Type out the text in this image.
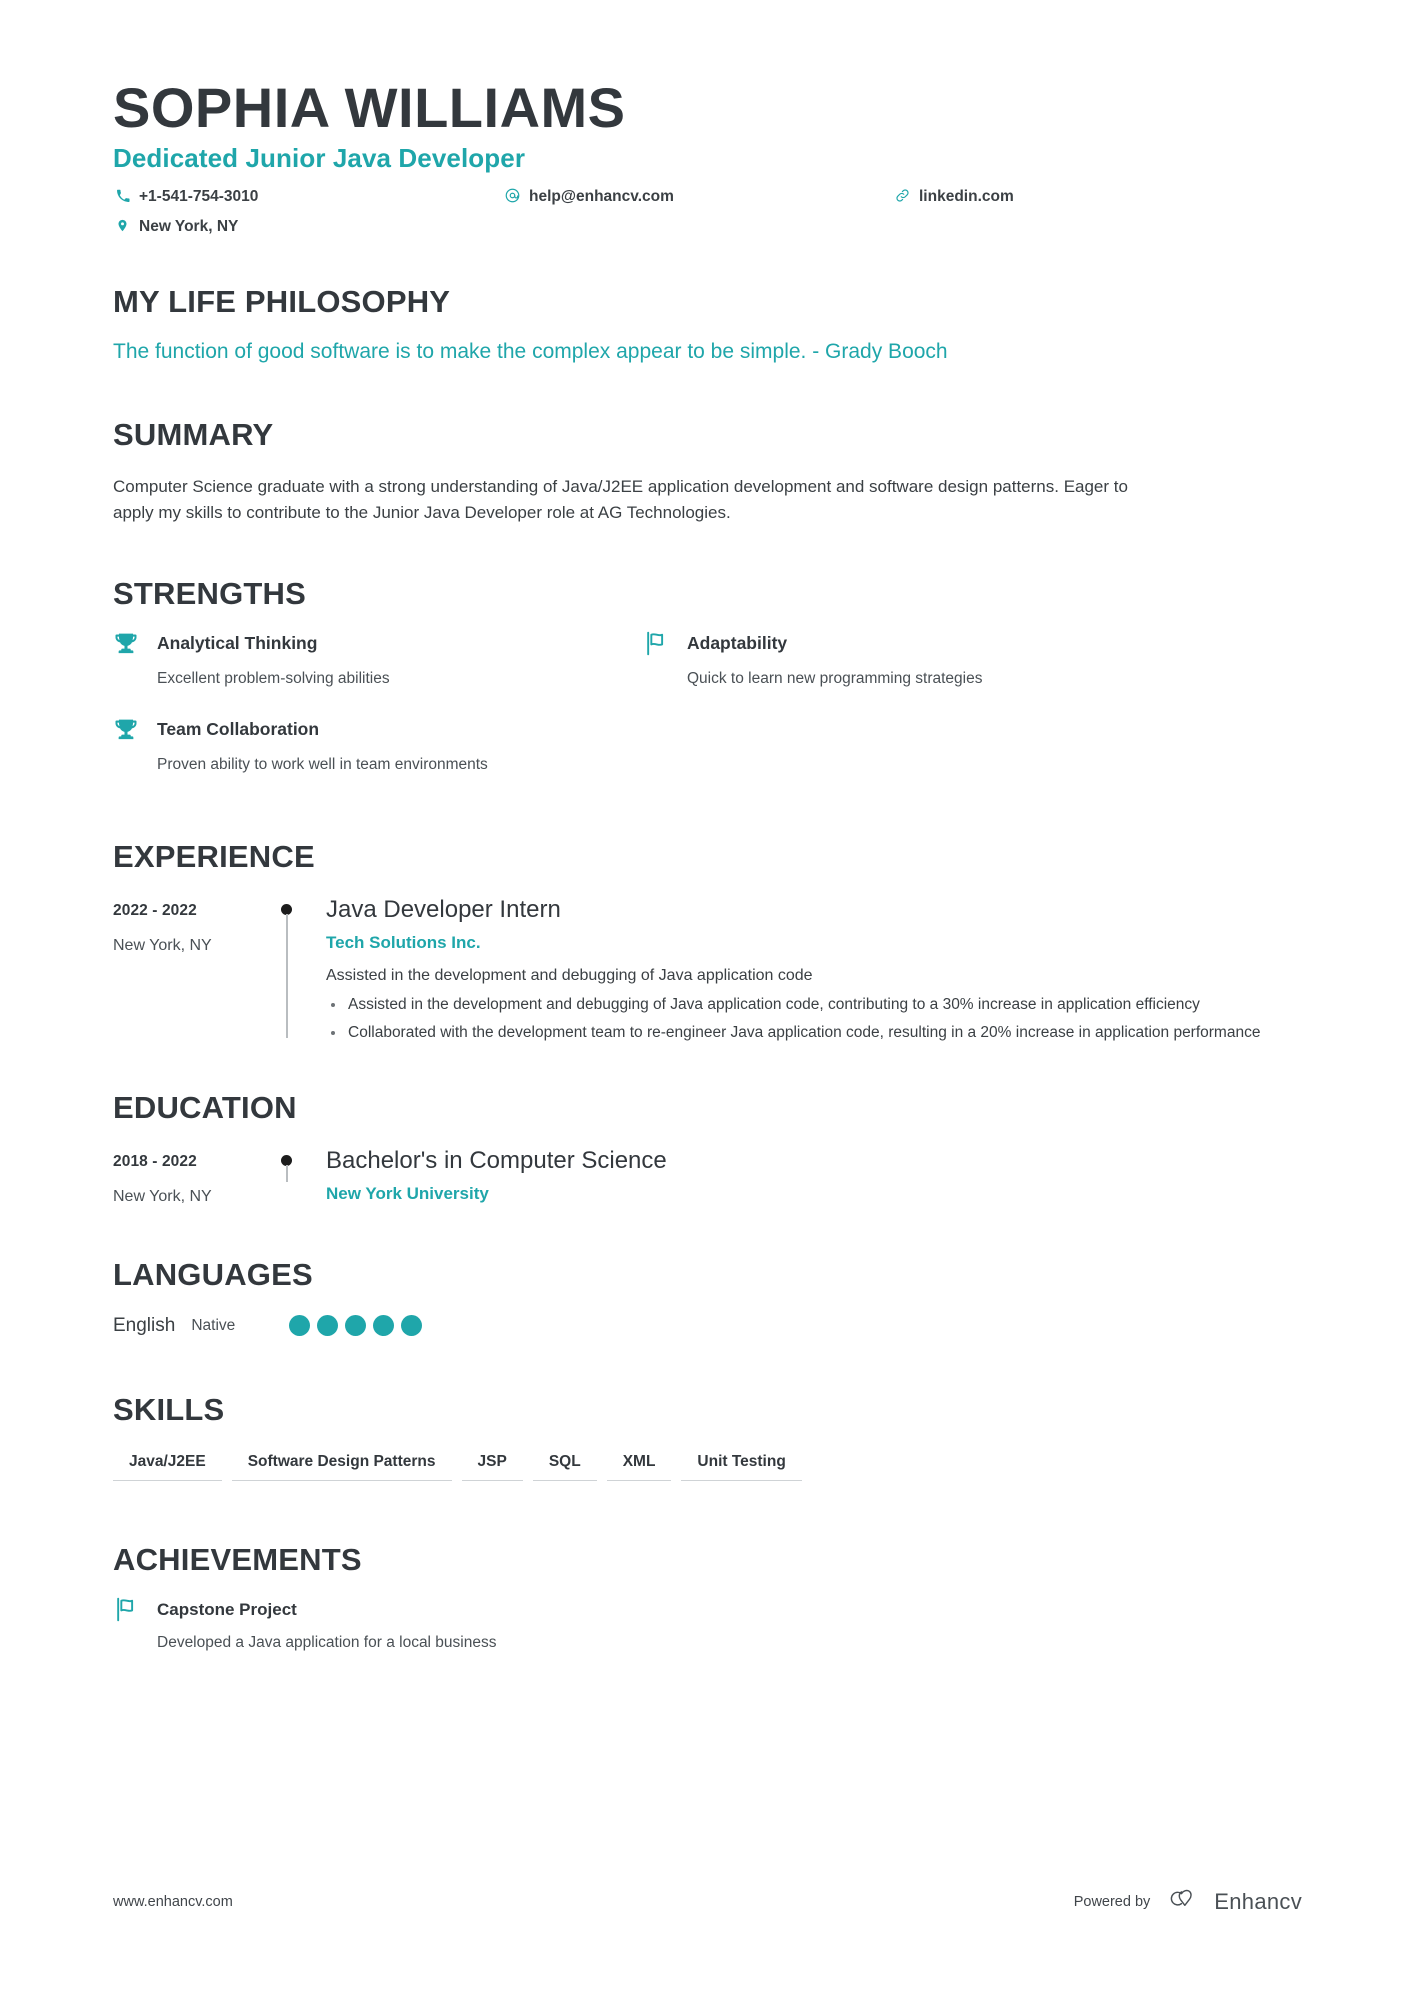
SOPHIA WILLIAMS
Dedicated Junior Java Developer
+1-541-754-3010	help@enhancv.com	linkedin.com
New York, NY
MY LIFE PHILOSOPHY
The function of good software is to make the complex appear to be simple. - Grady Booch
SUMMARY
Computer Science graduate with a strong understanding of Java/J2EE application development and software design patterns. Eager to apply my skills to contribute to the Junior Java Developer role at AG Technologies.
STRENGTHS
Analytical Thinking
Excellent problem-solving abilities
Adaptability
Quick to learn new programming strategies
Team Collaboration
Proven ability to work well in team environments
EXPERIENCE
2022 - 2022
New York, NY
Java Developer Intern
Tech Solutions Inc.
Assisted in the development and debugging of Java application code
Assisted in the development and debugging of Java application code, contributing to a 30% increase in application efficiency
Collaborated with the development team to re-engineer Java application code, resulting in a 20% increase in application performance
EDUCATION
2018 - 2022
New York, NY
Bachelor's in Computer Science
New York University
LANGUAGES
English Native
SKILLS
Java/J2EE	Software Design Patterns	JSP	SQL	XML	Unit Testing
ACHIEVEMENTS
Capstone Project
Developed a Java application for a local business
www.enhancv.com	Powered by	Enhancv
